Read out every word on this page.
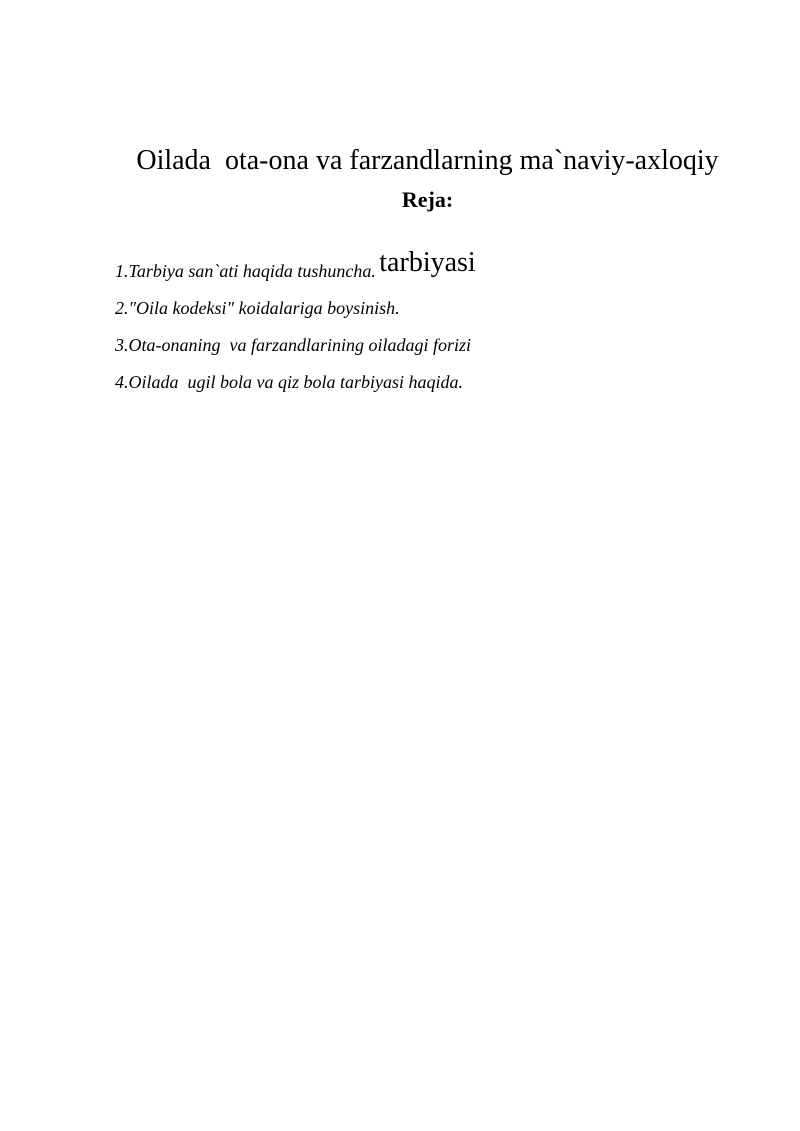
Oilada  ota-ona va farzandlarning ma`naviy-axloqiy

tarbiyasi

Reja:
1.Tarbiya san`ati haqida tushuncha.
2."Oila kodeksi" koidalariga boysinish.
3.Ota-onaning  va farzandlarining oiladagi forizi
4.Oilada  ugil bola va qiz bola tarbiyasi haqida.
